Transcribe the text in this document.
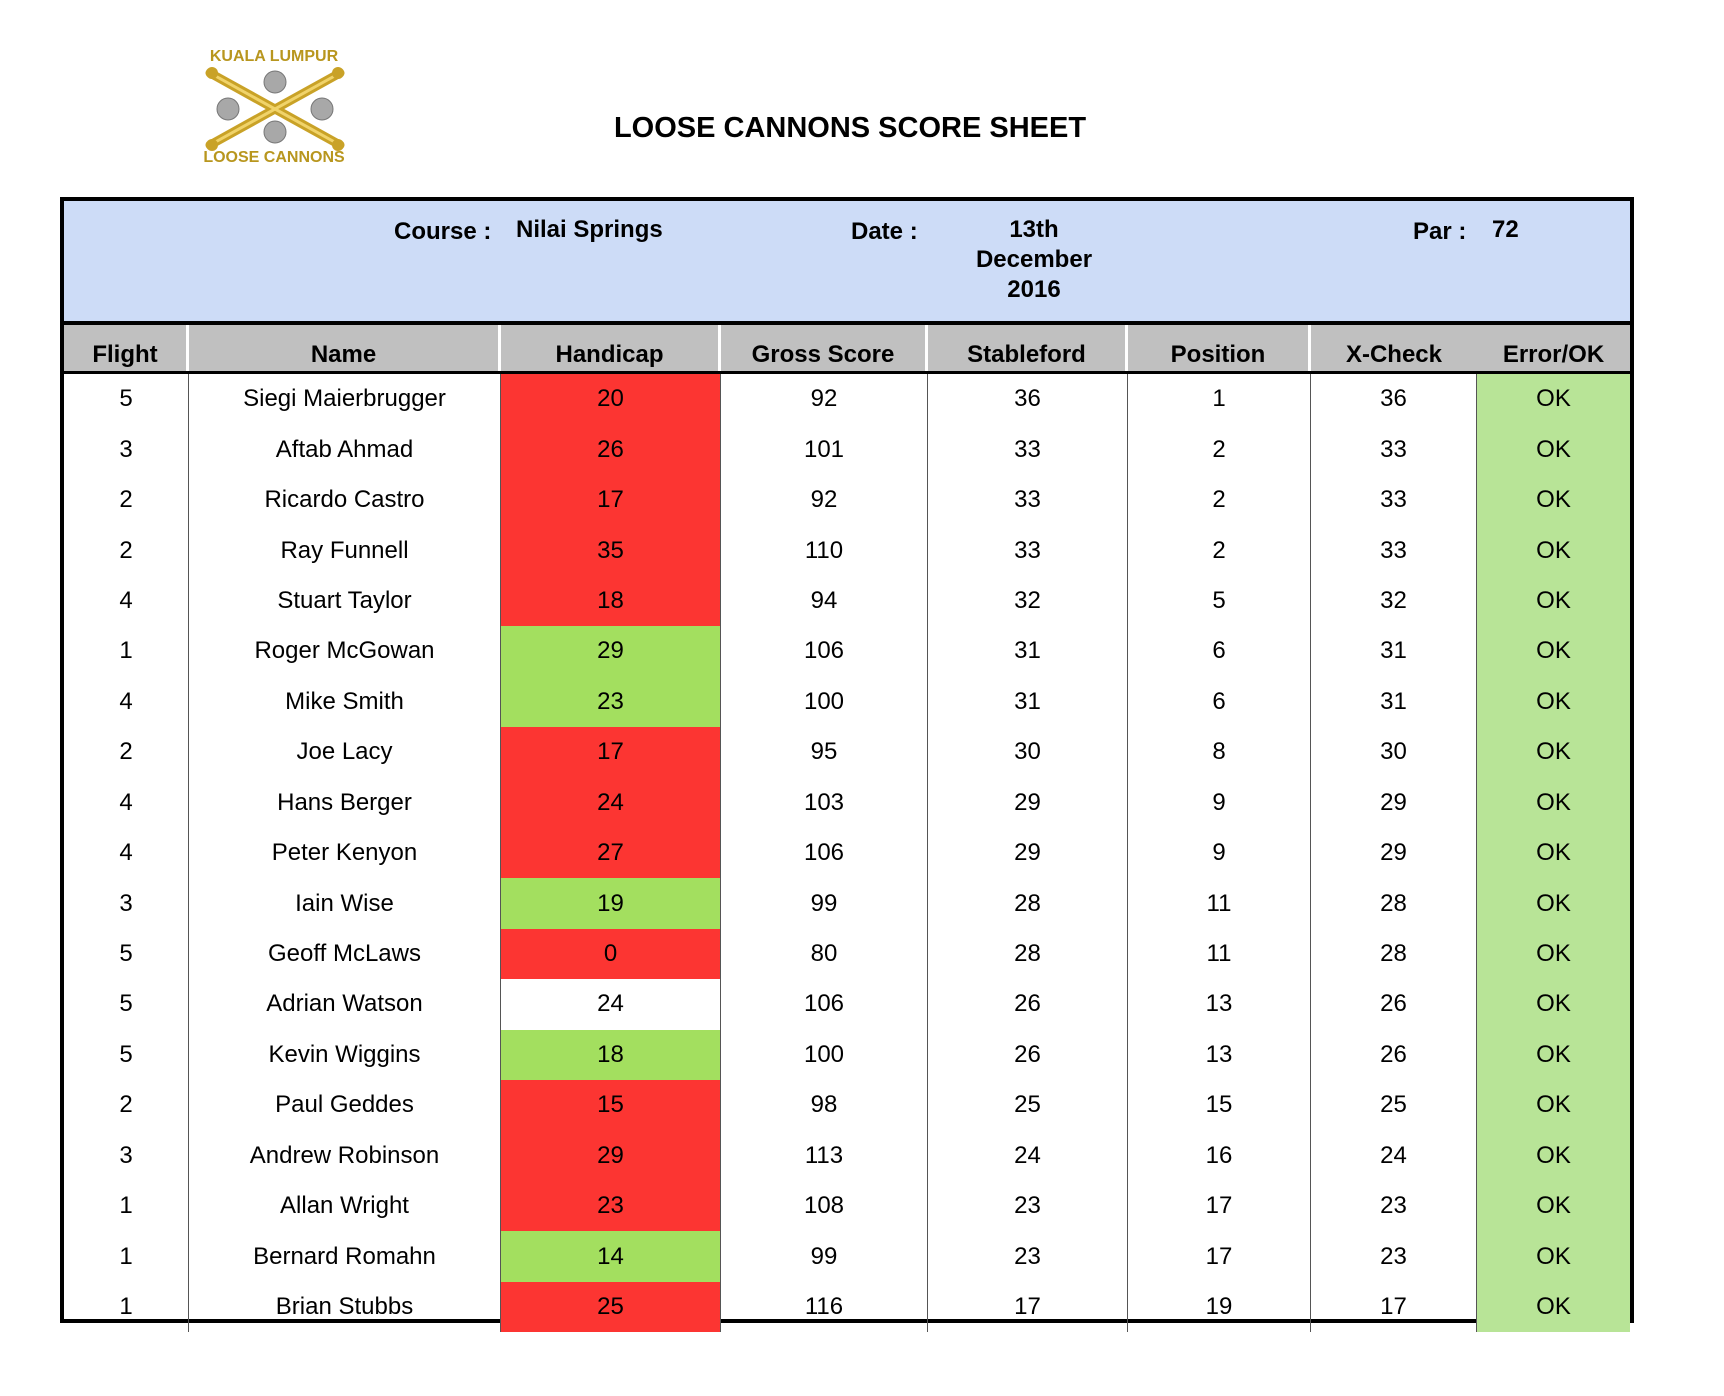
KUALA LUMPUR
LOOSE CANNONS
LOOSE CANNONS SCORE SHEET
Course : Nilai Springs	Date :	13th
December
2016
Par : 72
Flight	Name	Handicap	Gross Score	Stableford	Position	X-Check	Error/OK
5	Siegi Maierbrugger	20	92	36	1	36	OK
3	Aftab Ahmad	26	101	33	2	33	OK
2	Ricardo Castro	17	92	33	2	33	OK
2	Ray Funnell	35	110	33	2	33	OK
4	Stuart Taylor	18	94	32	5	32	OK
1	Roger McGowan	29	106	31	6	31	OK
4	Mike Smith	23	100	31	6	31	OK
2	Joe Lacy	17	95	30	8	30	OK
4	Hans Berger	24	103	29	9	29	OK
4	Peter Kenyon	27	106	29	9	29	OK
3	Iain Wise	19	99	28	11	28	OK
5	Geoff McLaws	0	80	28	11	28	OK
5	Adrian Watson	24	106	26	13	26	OK
5	Kevin Wiggins	18	100	26	13	26	OK
2	Paul Geddes	15	98	25	15	25	OK
3	Andrew Robinson	29	113	24	16	24	OK
1	Allan Wright	23	108	23	17	23	OK
1	Bernard Romahn	14	99	23	17	23	OK
1	Brian Stubbs	25	116	17	19	17	OK
